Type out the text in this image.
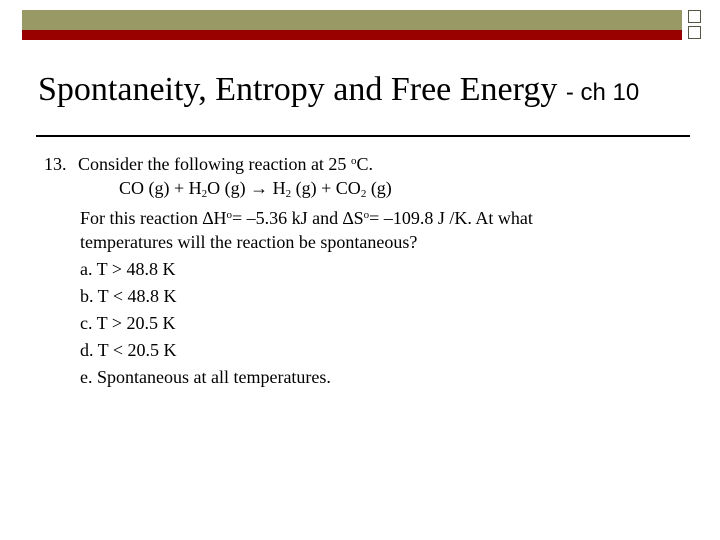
Spontaneity, Entropy and Free Energy - ch 10
13. Consider the following reaction at 25 $^o$C.
CO $(g) + H_2O$ $(g) \to H_2$ $(g) + CO_2$ (g)
For this reaction $\Delta H^o= -5.36$ kJ and $\Delta S^o= -109.8$ J /K. At what
temperatures will the reaction be spontaneous?
a. T > 48.8 K
b. T < 48.8 K
c. T > 20.5 K
d. T < 20.5 K
e. Spontaneous at all temperatures.
